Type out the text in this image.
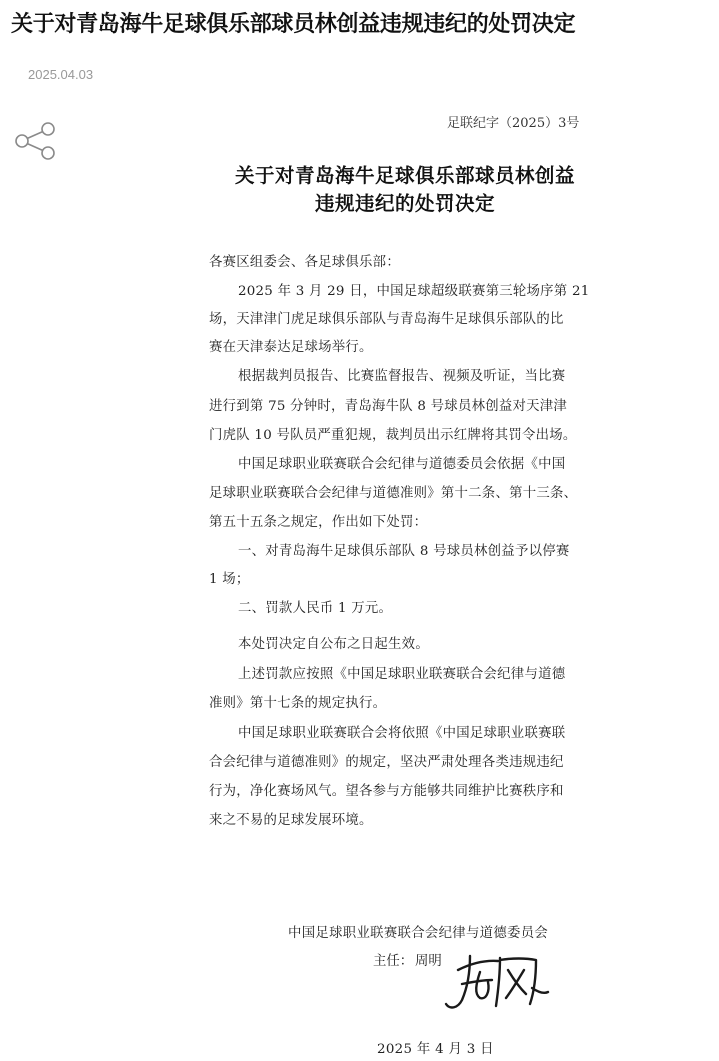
关于对青岛海牛足球俱乐部球员林创益违规违纪的处罚决定
2025.04.03
足联纪字（2025）3号
关于对青岛海牛足球俱乐部球员林创益
违规违纪的处罚决定
各赛区组委会、各足球俱乐部：
2025 年 3 月 29 日，中国足球超级联赛第三轮场序第 21
场，天津津门虎足球俱乐部队与青岛海牛足球俱乐部队的比
赛在天津泰达足球场举行。
根据裁判员报告、比赛监督报告、视频及听证，当比赛
进行到第 75 分钟时，青岛海牛队 8 号球员林创益对天津津
门虎队 10 号队员严重犯规，裁判员出示红牌将其罚令出场。
中国足球职业联赛联合会纪律与道德委员会依据《中国
足球职业联赛联合会纪律与道德准则》第十二条、第十三条、
第五十五条之规定，作出如下处罚：
一、对青岛海牛足球俱乐部队 8 号球员林创益予以停赛
1 场；
二、罚款人民币 1 万元。
本处罚决定自公布之日起生效。
上述罚款应按照《中国足球职业联赛联合会纪律与道德
准则》第十七条的规定执行。
中国足球职业联赛联合会将依照《中国足球职业联赛联
合会纪律与道德准则》的规定，坚决严肃处理各类违规违纪
行为，净化赛场风气。望各参与方能够共同维护比赛秩序和
来之不易的足球发展环境。
中国足球职业联赛联合会纪律与道德委员会
主任： 周明
2025 年 4 月 3 日
